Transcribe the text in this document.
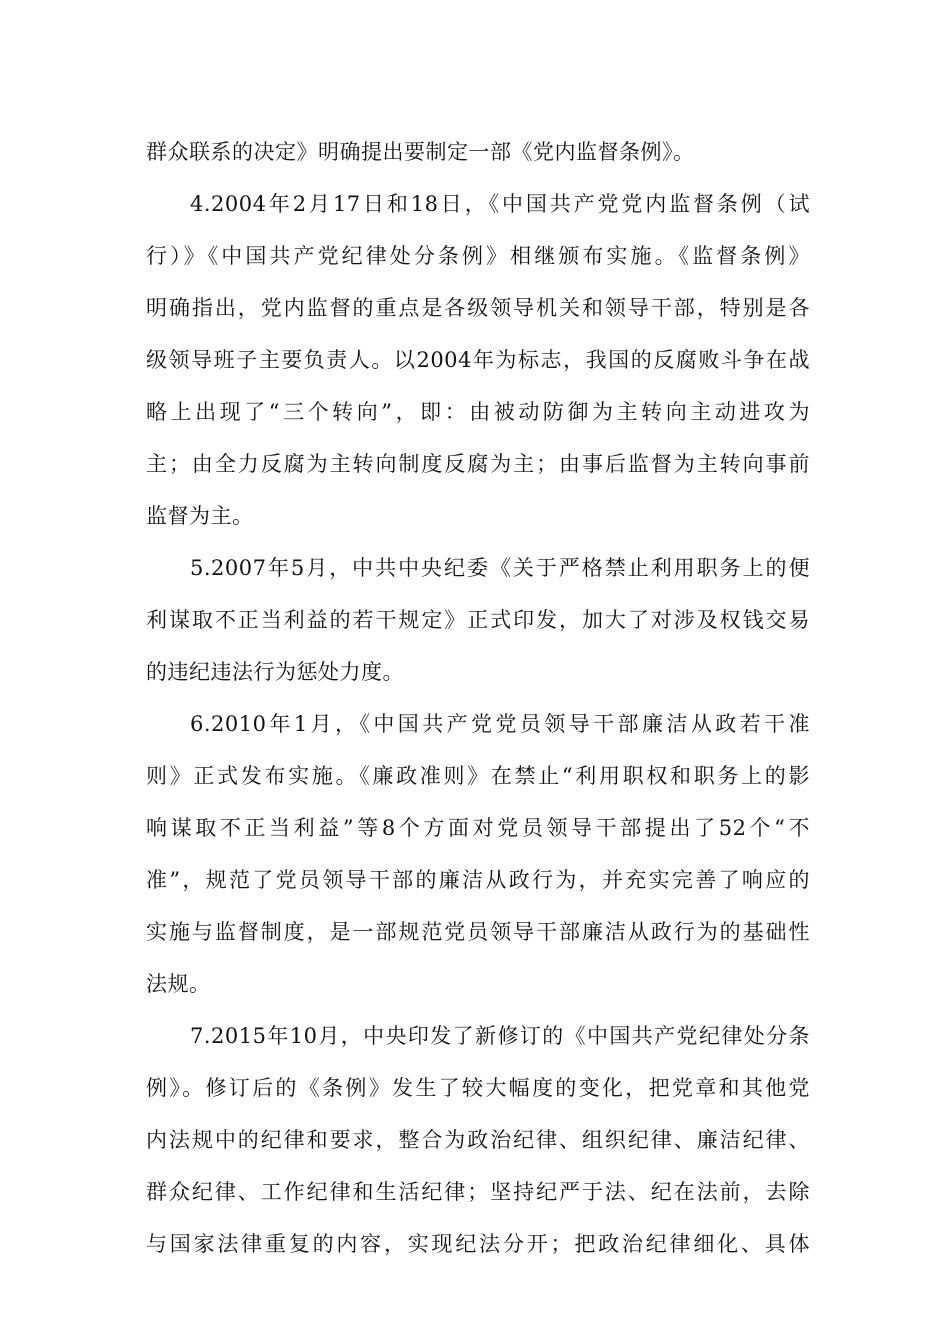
群众联系的决定》明确提出要制定一部《党内监督条例》。
4.2004年2月17日和18日，《中国共产党党内监督条例（试
行）》《中国共产党纪律处分条例》相继颁布实施。《监督条例》
明确指出，党内监督的重点是各级领导机关和领导干部，特别是各
级领导班子主要负责人。以2004年为标志，我国的反腐败斗争在战
略上出现了“三个转向”，即：由被动防御为主转向主动进攻为
主；由全力反腐为主转向制度反腐为主；由事后监督为主转向事前
监督为主。
5.2007年5月，中共中央纪委《关于严格禁止利用职务上的便
利谋取不正当利益的若干规定》正式印发，加大了对涉及权钱交易
的违纪违法行为惩处力度。
6.2010年1月，《中国共产党党员领导干部廉洁从政若干准
则》正式发布实施。《廉政准则》在禁止“利用职权和职务上的影
响谋取不正当利益”等8个方面对党员领导干部提出了52个“不
准”，规范了党员领导干部的廉洁从政行为，并充实完善了响应的
实施与监督制度，是一部规范党员领导干部廉洁从政行为的基础性
法规。
7.2015年10月，中央印发了新修订的《中国共产党纪律处分条
例》。修订后的《条例》发生了较大幅度的变化，把党章和其他党
内法规中的纪律和要求，整合为政治纪律、组织纪律、廉洁纪律、
群众纪律、工作纪律和生活纪律；坚持纪严于法、纪在法前，去除
与国家法律重复的内容，实现纪法分开；把政治纪律细化、具体
